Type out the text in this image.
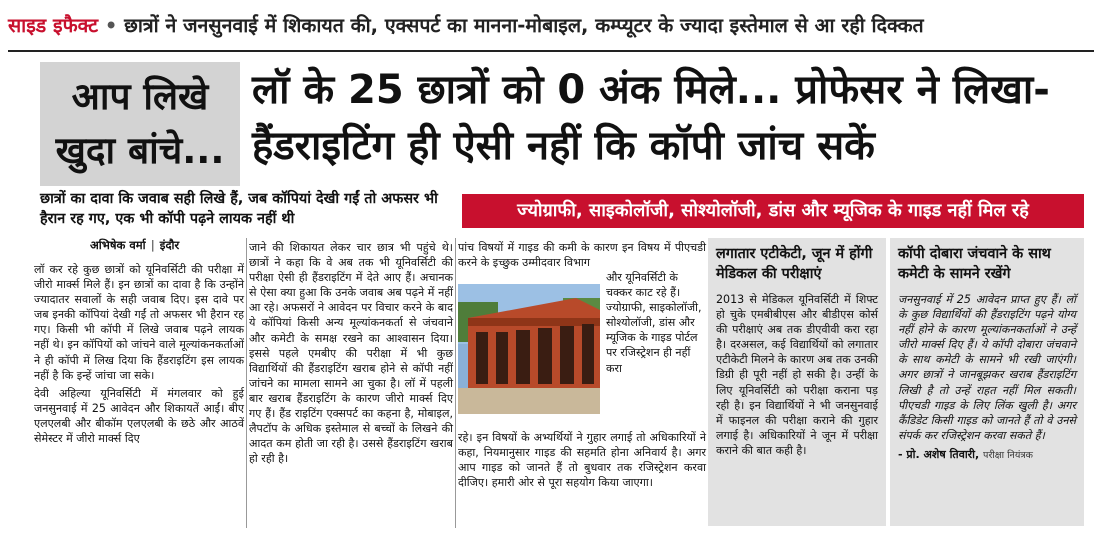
साइड इफैक्ट • छात्रों ने जनसुनवाई में शिकायत की, एक्सपर्ट का मानना-मोबाइल, कम्प्यूटर के ज्यादा इस्तेमाल से आ रही दिक्कत
आप लिखे
खुदा बांचे...
लॉ के 25 छात्रों को 0 अंक मिले... प्रोफेसर ने लिखा-
हैंडराइटिंग ही ऐसी नहीं कि कॉपी जांच सकें
छात्रों का दावा कि जवाब सही लिखे हैं, जब कॉपियां देखी गईं तो अफसर भी हैरान रह गए, एक भी कॉपी पढ़ने लायक नहीं थी	ज्योग्राफी, साइकोलॉजी, सोश्योलॉजी, डांस और म्यूजिक के गाइड नहीं मिल रहे
अभिषेक वर्मा | इंदौर

लॉ कर रहे कुछ छात्रों को यूनिवर्सिटी की परीक्षा में जीरो मार्क्स मिले हैं। इन छात्रों का दावा है कि उन्होंने ज्यादातर सवालों के सही जवाब दिए। इस दावे पर जब इनकी कॉपियां देखी गईं तो अफसर भी हैरान रह गए। किसी भी कॉपी में लिखे जवाब पढ़ने लायक नहीं थे। इन कॉपियों को जांचने वाले मूल्यांकनकर्ताओं ने ही कॉपी में लिख दिया कि हैंडराइटिंग इस लायक नहीं है कि इन्हें जांचा जा सके।

देवी अहिल्या यूनिवर्सिटी में मंगलवार को हुई जनसुनवाई में 25 आवेदन और शिकायतें आईं। बीए एलएलबी और बीकॉम एलएलबी के छठे और आठवें सेमेस्टर में जीरो मार्क्स दिए

जाने की शिकायत लेकर चार छात्र भी पहुंचे थे। छात्रों ने कहा कि वे अब तक भी यूनिवर्सिटी की परीक्षा ऐसी ही हैंडराइटिंग में देते आए हैं। अचानक से ऐसा क्या हुआ कि उनके जवाब अब पढ़ने में नहीं आ रहे। अफसरों ने आवेदन पर विचार करने के बाद ये कॉपियां किसी अन्य मूल्यांकनकर्ता से जंचवाने और कमेटी के समक्ष रखने का आश्वासन दिया। इससे पहले एमबीए की परीक्षा में भी कुछ विद्यार्थियों की हैंडराइटिंग खराब होने से कॉपी नहीं जांचने का मामला सामने आ चुका है। लॉ में पहली बार खराब हैंडराइटिंग के कारण जीरो मार्क्स दिए गए हैं। हैंड राइटिंग एक्सपर्ट का कहना है, मोबाइल, लैपटॉप के अधिक इस्तेमाल से बच्चों के लिखने की आदत कम होती जा रही है। उससे हैंडराइटिंग खराब हो रही है।

पांच विषयों में गाइड की कमी के कारण इन विषय में पीएचडी करने के इच्छुक उम्मीदवार विभाग
और यूनिवर्सिटी के चक्कर काट रहे हैं। ज्योग्राफी, साइकोलॉजी, सोश्योलॉजी, डांस और म्यूजिक के गाइड पोर्टल पर रजिस्ट्रेशन ही नहीं करा
रहे। इन विषयों के अभ्यर्थियों ने गुहार लगाई तो अधिकारियों ने कहा, नियमानुसार गाइड की सहमति होना अनिवार्य है। अगर आप गाइड को जानते हैं तो बुधवार तक रजिस्ट्रेशन करवा दीजिए। हमारी ओर से पूरा सहयोग किया जाएगा।
लगातार एटीकेटी, जून में होंगी मेडिकल की परीक्षाएं
2013 से मेडिकल यूनिवर्सिटी में शिफ्ट हो चुके एमबीबीएस और बीडीएस कोर्स की परीक्षाएं अब तक डीएवीवी करा रहा है। दरअसल, कई विद्यार्थियों को लगातार एटीकेटी मिलने के कारण अब तक उनकी डिग्री ही पूरी नहीं हो सकी है। उन्हीं के लिए यूनिवर्सिटी को परीक्षा कराना पड़ रही है। इन विद्यार्थियों ने भी जनसुनवाई में फाइनल की परीक्षा कराने की गुहार लगाई है। अधिकारियों ने जून में परीक्षा कराने की बात कही है।
कॉपी दोबारा जंचवाने के साथ कमेटी के सामने रखेंगे
जनसुनवाई में 25 आवेदन प्राप्त हुए हैं। लॉ के कुछ विद्यार्थियों की हैंडराइटिंग पढ़ने योग्य नहीं होने के कारण मूल्यांकनकर्ताओं ने उन्हें जीरो मार्क्स दिए हैं। ये कॉपी दोबारा जंचवाने के साथ कमेटी के सामने भी रखी जाएंगी। अगर छात्रों ने जानबूझकर खराब हैंडराइटिंग लिखी है तो उन्हें राहत नहीं मिल सकती। पीएचडी गाइड के लिए लिंक खुली है। अगर कैंडिडेट किसी गाइड को जानते हैं तो वे उनसे संपर्क कर रजिस्ट्रेशन करवा सकते हैं।
- प्रो. अशेष तिवारी, परीक्षा नियंत्रक
